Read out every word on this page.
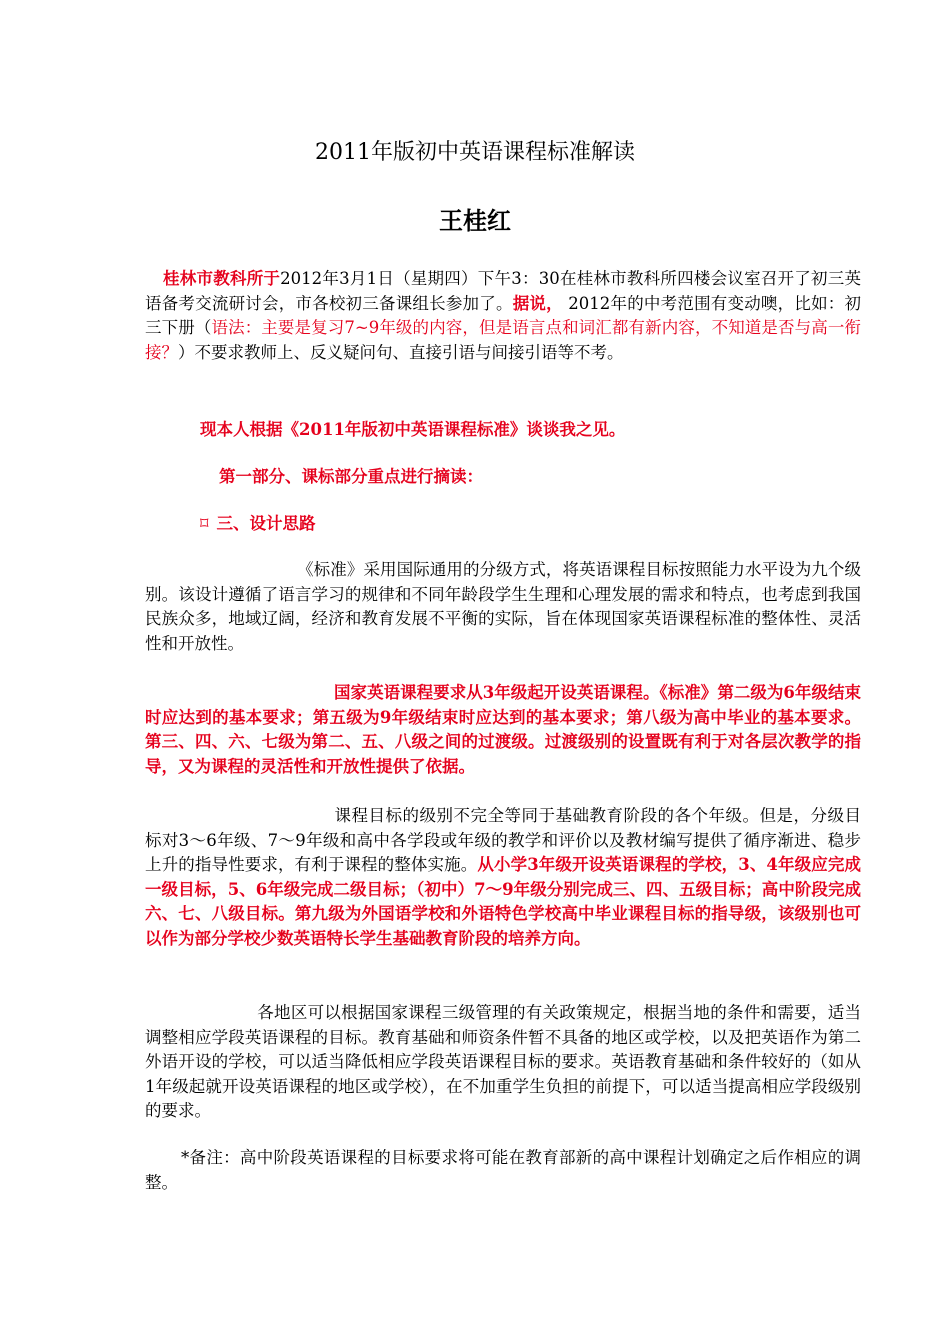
2011年版初中英语课程标准解读
王桂红
桂林市教科所于2012年3月1日（星期四）下午3：30在桂林市教科所四楼会议室召开了初三英语备考交流研讨会，市各校初三备课组长参加了。据说， 2012年的中考范围有变动噢，比如：初三下册（语法：主要是复习7~9年级的内容，但是语言点和词汇都有新内容，不知道是否与高一衔接？）不要求教师上、反义疑问句、直接引语与间接引语等不考。
现本人根据《2011年版初中英语课程标准》谈谈我之见。
第一部分、课标部分重点进行摘读：
⌑ 三、设计思路
《标准》采用国际通用的分级方式，将英语课程目标按照能力水平设为九个级别。该设计遵循了语言学习的规律和不同年龄段学生生理和心理发展的需求和特点，也考虑到我国民族众多，地域辽阔，经济和教育发展不平衡的实际，旨在体现国家英语课程标准的整体性、灵活性和开放性。
国家英语课程要求从3年级起开设英语课程。《标准》第二级为6年级结束时应达到的基本要求；第五级为9年级结束时应达到的基本要求；第八级为高中毕业的基本要求。第三、四、六、七级为第二、五、八级之间的过渡级。过渡级别的设置既有利于对各层次教学的指导，又为课程的灵活性和开放性提供了依据。
课程目标的级别不完全等同于基础教育阶段的各个年级。但是，分级目标对3～6年级、7～9年级和高中各学段或年级的教学和评价以及教材编写提供了循序渐进、稳步上升的指导性要求，有利于课程的整体实施。从小学3年级开设英语课程的学校，3、4年级应完成一级目标，5、6年级完成二级目标；（初中）7～9年级分别完成三、四、五级目标；高中阶段完成六、七、八级目标。第九级为外国语学校和外语特色学校高中毕业课程目标的指导级，该级别也可以作为部分学校少数英语特长学生基础教育阶段的培养方向。
各地区可以根据国家课程三级管理的有关政策规定，根据当地的条件和需要，适当调整相应学段英语课程的目标。教育基础和师资条件暂不具备的地区或学校，以及把英语作为第二外语开设的学校，可以适当降低相应学段英语课程目标的要求。英语教育基础和条件较好的（如从1年级起就开设英语课程的地区或学校），在不加重学生负担的前提下，可以适当提高相应学段级别的要求。
*备注：高中阶段英语课程的目标要求将可能在教育部新的高中课程计划确定之后作相应的调整。
